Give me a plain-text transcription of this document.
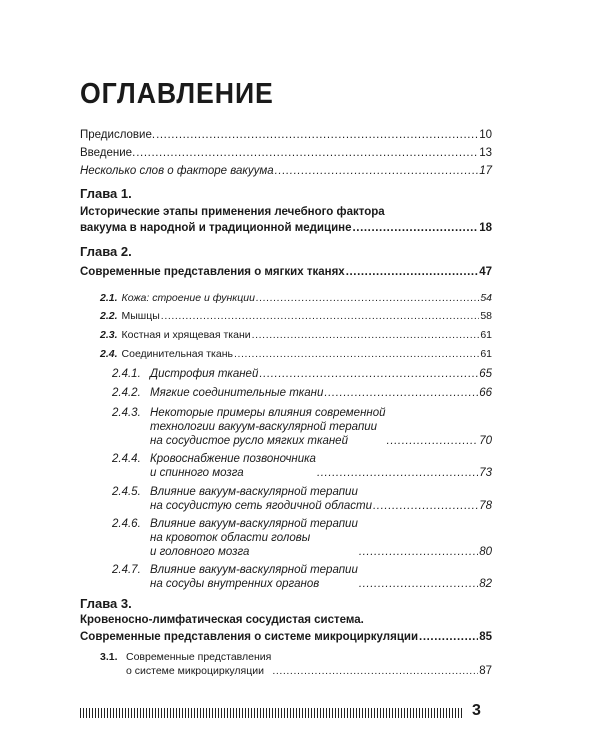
ОГЛАВЛЕНИЕ
Предисловие. .....	10
Введение. .....	13
Несколько слов о факторе вакуума .....	17
Глава 1.
Исторические этапы применения лечебного фактора
вакуума в народной и традиционной медицине .....	18
Глава 2.
Современные представления о мягких тканях .....	47
2.1. Кожа: строение и функции .....	54
2.2. Мышцы .....	58
2.3. Костная и хрящевая ткани .....	61
2.4. Соединительная ткань .....	61
2.4.1. Дистрофия тканей .....	65
2.4.2. Мягкие соединительные ткани .....	66
2.4.3. Некоторые примеры влияния современной
технологии вакуум-васкулярной терапии
на сосудистое русло мягких тканей .....	70
2.4.4. Кровоснабжение позвоночника
и спинного мозга .....	73
2.4.5. Влияние вакуум-васкулярной терапии
на сосудистую сеть ягодичной области .....	78
2.4.6. Влияние вакуум-васкулярной терапии
на кровоток области головы
и головного мозга .....	80
2.4.7. Влияние вакуум-васкулярной терапии
на сосуды внутренних органов .....	82
Глава 3.
Кровеносно-лимфатическая сосудистая система.
Современные представления о системе микроциркуляции .....	85
3.1. Современные представления
о системе микроциркуляции .....	87
3
